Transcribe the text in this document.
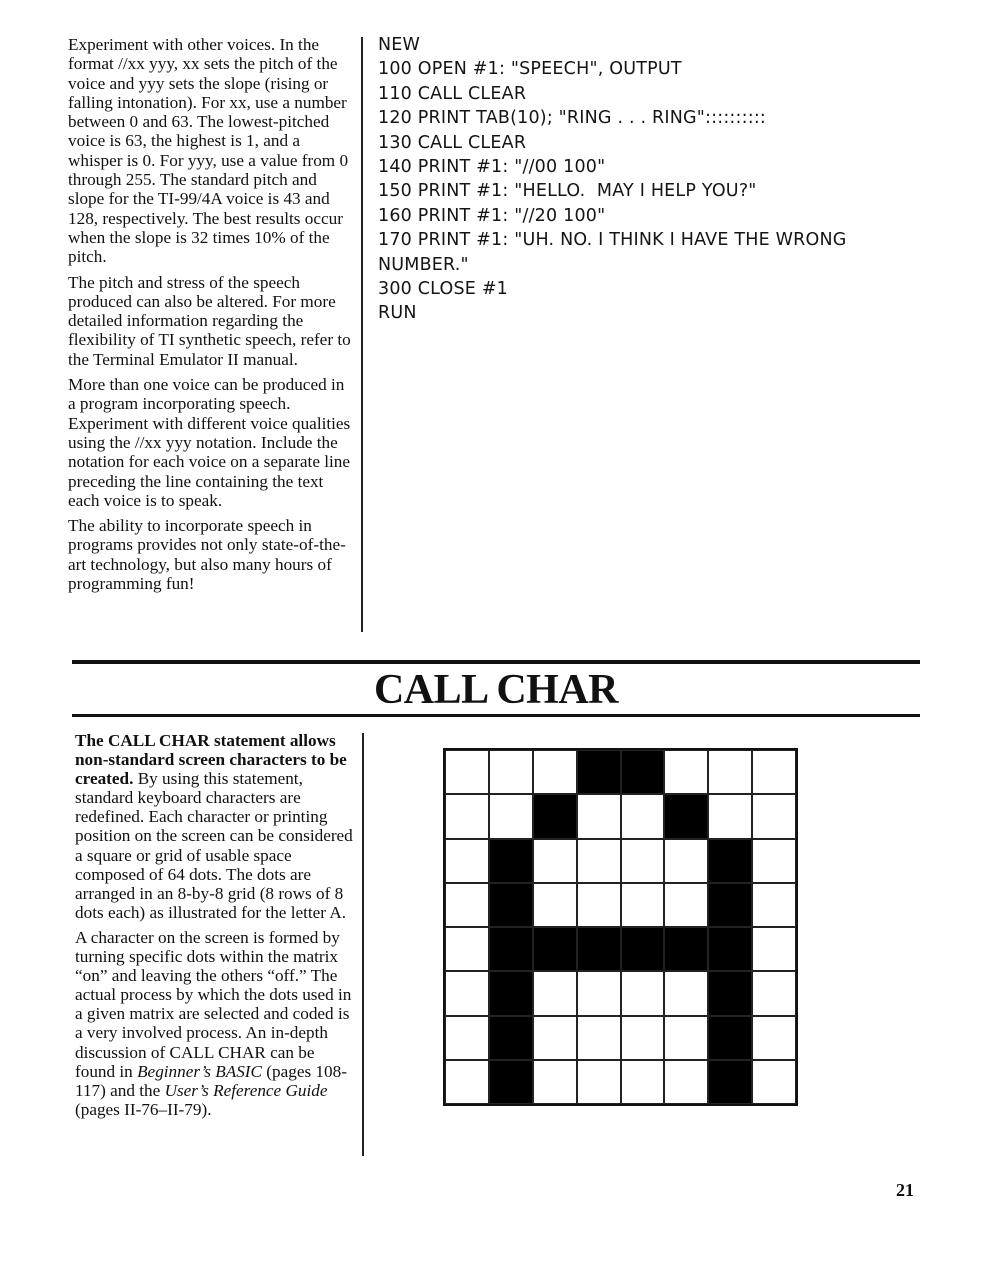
Experiment with other voices. In the format //xx yyy, xx sets the pitch of the voice and yyy sets the slope (rising or falling intonation). For xx, use a number between 0 and 63. The lowest-pitched voice is 63, the highest is 1, and a whisper is 0. For yyy, use a value from 0 through 255. The standard pitch and slope for the TI-99/4A voice is 43 and 128, respectively. The best results occur when the slope is 32 times 10% of the pitch.

The pitch and stress of the speech produced can also be altered. For more detailed information regarding the flexibility of TI synthetic speech, refer to the Terminal Emulator II manual.

More than one voice can be produced in a program incorporating speech. Experiment with different voice qualities using the //xx yyy notation. Include the notation for each voice on a separate line preceding the line containing the text each voice is to speak.

The ability to incorporate speech in programs provides not only state-of-the-art technology, but also many hours of programming fun!

NEW
100 OPEN #1: "SPEECH", OUTPUT
110 CALL CLEAR
120 PRINT TAB(10); "RING . . . RING"::::::::::
130 CALL CLEAR
140 PRINT #1: "//00 100"
150 PRINT #1: "HELLO.  MAY I HELP YOU?"
160 PRINT #1: "//20 100"
170 PRINT #1: "UH. NO. I THINK I HAVE THE WRONG NUMBER."
300 CLOSE #1
RUN
CALL CHAR

The CALL CHAR statement allows non-standard screen characters to be created. By using this statement, standard keyboard characters are redefined. Each character or printing position on the screen can be considered a square or grid of usable space composed of 64 dots. The dots are arranged in an 8-by-8 grid (8 rows of 8 dots each) as illustrated for the letter A.

A character on the screen is formed by turning specific dots within the matrix “on” and leaving the others “off.” The actual process by which the dots used in a given matrix are selected and coded is a very involved process. An in-depth discussion of CALL CHAR can be found in Beginner’s BASIC (pages 108-117) and the User’s Reference Guide (pages II-76–II-79).

21
